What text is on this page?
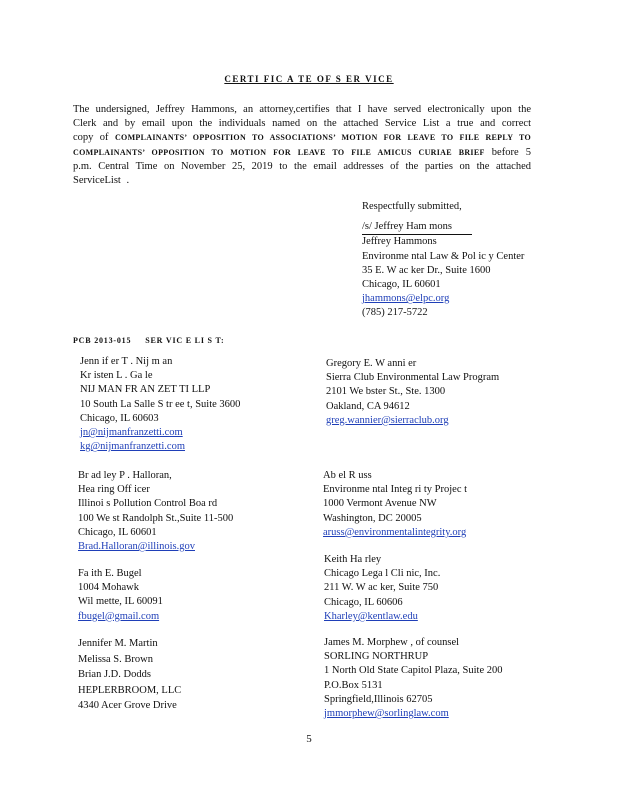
CERTI FIC A TE OF S ER VICE
The undersigned, Jeffrey Hammons, an attorney,certifies that I have served electronically upon the Clerk and by email upon the individuals named on the attached Service List a true and correct copy of COMPLAINANTS’ OPPOSITION TO ASSOCIATIONS’ MOTION FOR LEAVE TO FILE REPLY TO COMPLAINANTS’ OPPOSITION TO MOTION FOR LEAVE TO FILE AMICUS CURIAE BRIEF before 5 p.m. Central Time on November 25, 2019 to the email addresses of the parties on the attached ServiceList .
Respectfully submitted,
/s/ Jeffrey Ham mons
Jeffrey Hammons
Environme ntal Law & Pol ic y Center
35 E. W ac ker Dr., Suite 1600
Chicago, IL 60601
jhammons@elpc.org
(785) 217-5722
PCB 2013-015 SER VIC E LI S T:
Jenn if er T . Nij m an
Kr isten L . Ga le
NIJ MAN FR AN ZET TI LLP
10 South La Salle S tr ee t, Suite 3600
Chicago, IL 60603
jn@nijmanfranzetti.com
kg@nijmanfranzetti.com
Br ad ley P . Halloran,
Hea ring Off icer
Illinoi s Pollution Control Boa rd
100 We st Randolph St.,Suite 11-500
Chicago, IL 60601
Brad.Halloran@illinois.gov
Fa ith E. Bugel
1004 Mohawk
Wil mette, IL 60091
fbugel@gmail.com
Jennifer M. Martin
Melissa S. Brown
Brian J.D. Dodds
HEPLERBROOM, LLC
4340 Acer Grove Drive
Gregory E. W anni er
Sierra Club Environmental Law Program
2101 We bster St., Ste. 1300
Oakland, CA 94612
greg.wannier@sierraclub.org
Ab el R uss
Environme ntal Integ ri ty Projec t
1000 Vermont Avenue NW
Washington, DC 20005
aruss@environmentalintegrity.org
Keith Ha rley
Chicago Lega l Cli nic, Inc.
211 W. W ac ker, Suite 750
Chicago, IL 60606
Kharley@kentlaw.edu
James M. Morphew , of counsel
SORLING NORTHRUP
1 North Old State Capitol Plaza, Suite 200
P.O.Box 5131
Springfield,Illinois 62705
jmmorphew@sorlinglaw.com
5
